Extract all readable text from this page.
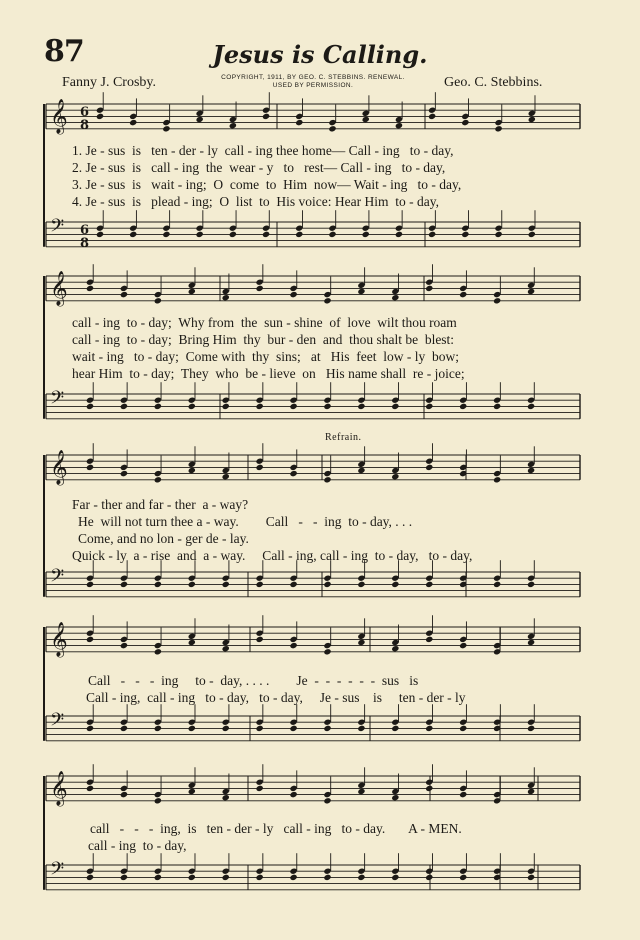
87	Jesus is Calling.
Fanny J. Crosby.	COPYRIGHT, 1911, BY GEO. C. STEBBINS. RENEWAL.
USED BY PERMISSION.	Geo. C. Stebbins.
𝄞
𝄢
6
8
6
8
𝄞
𝄢
𝄞
𝄢
𝄞
𝄢
𝄞
𝄢
Refrain.
1. Je - sus  is   ten - der - ly  call - ing thee home— Call - ing   to - day,
2. Je - sus  is   call - ing  the  wear - y   to   rest— Call - ing   to - day,
3. Je - sus  is   wait - ing;  O  come  to  Him  now— Wait - ing   to - day,
4. Je - sus  is   plead - ing;  O  list  to  His voice: Hear Him  to - day,
call - ing  to - day;  Why from  the  sun - shine  of  love  wilt thou roam
call - ing  to - day;  Bring Him  thy  bur - den  and  thou shalt be  blest:
wait - ing   to - day;  Come with  thy  sins;   at   His  feet  low - ly  bow;
hear Him  to - day;  They  who  be - lieve  on   His name shall  re - joice;
Far - ther and far - ther  a - way?
He  will not turn thee a - way.        Call   -   -  ing  to - day, . . .
Come, and no lon - ger de - lay.
Quick - ly  a - rise  and  a - way.     Call - ing, call - ing  to - day,   to - day,
Call   -   -   -  ing     to -  day, . . . .        Je  -  -  -  -  -  -  sus   is
Call - ing,  call - ing   to - day,   to - day,     Je - sus    is     ten - der - ly
call   -   -   -  ing,  is   ten - der - ly   call - ing   to - day.       A - MEN.
call - ing  to - day,
